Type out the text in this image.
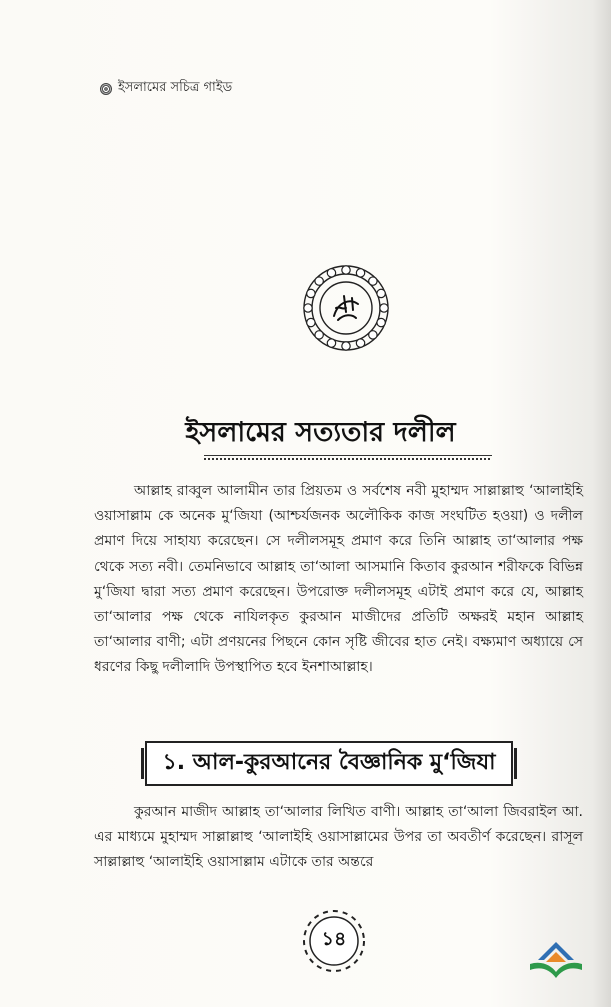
ইসলামের সচিত্র গাইড
ইসলামের সত্যতার দলীল
আল্লাহ রাব্বুল আলামীন তার প্রিয়তম ও সর্বশেষ নবী মুহাম্মদ সাল্লাল্লাহু ‘আলাইহি ওয়াসাল্লাম কে অনেক মু‘জিযা (আশ্চর্যজনক অলৌকিক কাজ সংঘটিত হওয়া) ও দলীল প্রমাণ দিয়ে সাহায্য করেছেন। সে দলীলসমূহ প্রমাণ করে তিনি আল্লাহ তা‘আলার পক্ষ থেকে সত্য নবী। তেমনিভাবে আল্লাহ তা‘আলা আসমানি কিতাব কুরআন শরীফকে বিভিন্ন মু‘জিযা দ্বারা সত্য প্রমাণ করেছেন। উপরোক্ত দলীলসমূহ এটাই প্রমাণ করে যে, আল্লাহ তা‘আলার পক্ষ থেকে নাযিলকৃত কুরআন মাজীদের প্রতিটি অক্ষরই মহান আল্লাহ তা‘আলার বাণী; এটা প্রণয়নের পিছনে কোন সৃষ্টি জীবের হাত নেই। বক্ষ্যমাণ অধ্যায়ে সে ধরণের কিছু দলীলাদি উপস্থাপিত হবে ইনশাআল্লাহ।
১. আল-কুরআনের বৈজ্ঞানিক মু‘জিযা
কুরআন মাজীদ আল্লাহ তা‘আলার লিখিত বাণী। আল্লাহ তা‘আলা জিবরাইল আ. এর মাধ্যমে মুহাম্মদ সাল্লাল্লাহু ‘আলাইহি ওয়াসাল্লামের উপর তা অবতীর্ণ করেছেন। রাসূল সাল্লাল্লাহু ‘আলাইহি ওয়াসাল্লাম এটাকে তার অন্তরে
১৪
